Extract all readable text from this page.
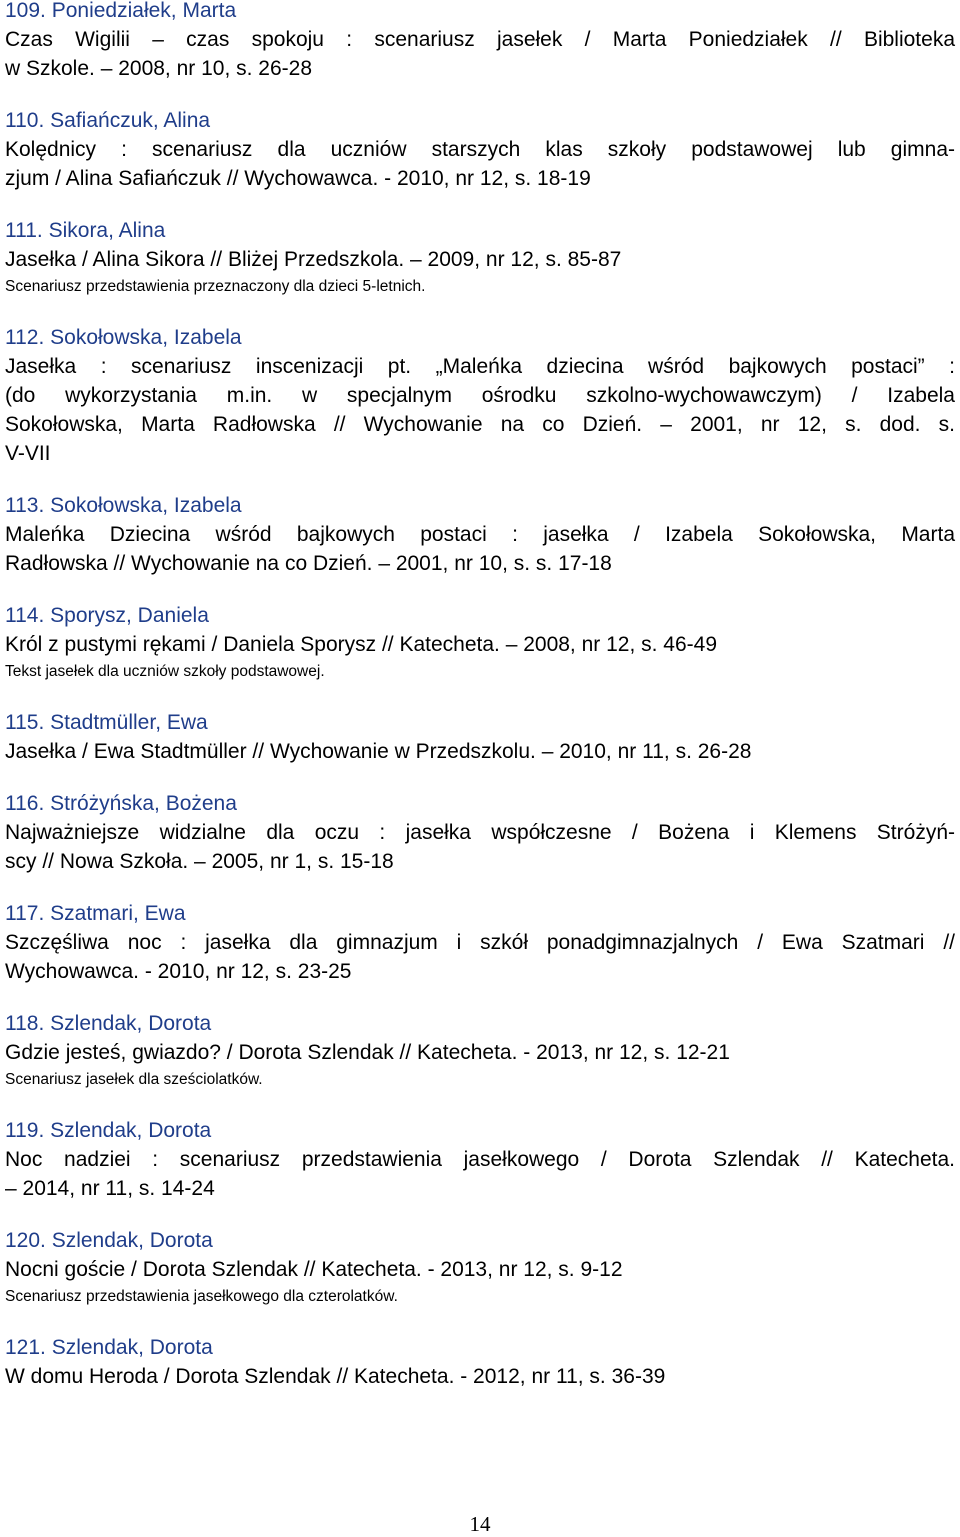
109. Poniedziałek, Marta
Czas Wigilii – czas spokoju : scenariusz jasełek / Marta Poniedziałek // Biblioteka
w Szkole. – 2008, nr 10, s. 26-28
110. Safiańczuk, Alina
Kolędnicy : scenariusz dla uczniów starszych klas szkoły podstawowej lub gimna-
zjum / Alina Safiańczuk // Wychowawca. - 2010, nr 12, s. 18-19
111. Sikora, Alina
Jasełka / Alina Sikora // Bliżej Przedszkola. – 2009, nr 12, s. 85-87
Scenariusz przedstawienia przeznaczony dla dzieci 5-letnich.
112. Sokołowska, Izabela
Jasełka : scenariusz inscenizacji pt. „Maleńka dziecina wśród bajkowych postaci” :
(do wykorzystania m.in. w specjalnym ośrodku szkolno-wychowawczym) / Izabela
Sokołowska, Marta Radłowska // Wychowanie na co Dzień. – 2001, nr 12, s. dod. s.
V-VII
113. Sokołowska, Izabela
Maleńka Dziecina wśród bajkowych postaci : jasełka / Izabela Sokołowska, Marta
Radłowska // Wychowanie na co Dzień. – 2001, nr 10, s. s. 17-18
114. Sporysz, Daniela
Król z pustymi rękami / Daniela Sporysz // Katecheta. – 2008, nr 12, s. 46-49
Tekst jasełek dla uczniów szkoły podstawowej.
115. Stadtmüller, Ewa
Jasełka / Ewa Stadtmüller // Wychowanie w Przedszkolu. – 2010, nr 11, s. 26-28
116. Stróżyńska, Bożena
Najważniejsze widzialne dla oczu : jasełka współczesne / Bożena i Klemens Stróżyń-
scy // Nowa Szkoła. – 2005, nr 1, s. 15-18
117. Szatmari, Ewa
Szczęśliwa noc : jasełka dla gimnazjum i szkół ponadgimnazjalnych / Ewa Szatmari //
Wychowawca. - 2010, nr 12, s. 23-25
118. Szlendak, Dorota
Gdzie jesteś, gwiazdo? / Dorota Szlendak // Katecheta. - 2013, nr 12, s. 12-21
Scenariusz jasełek dla sześciolatków.
119. Szlendak, Dorota
Noc nadziei : scenariusz przedstawienia jasełkowego / Dorota Szlendak // Katecheta.
– 2014, nr 11, s. 14-24
120. Szlendak, Dorota
Nocni goście / Dorota Szlendak // Katecheta. - 2013, nr 12, s. 9-12
Scenariusz przedstawienia jasełkowego dla czterolatków.
121. Szlendak, Dorota
W domu Heroda / Dorota Szlendak // Katecheta. - 2012, nr 11, s. 36-39
14
